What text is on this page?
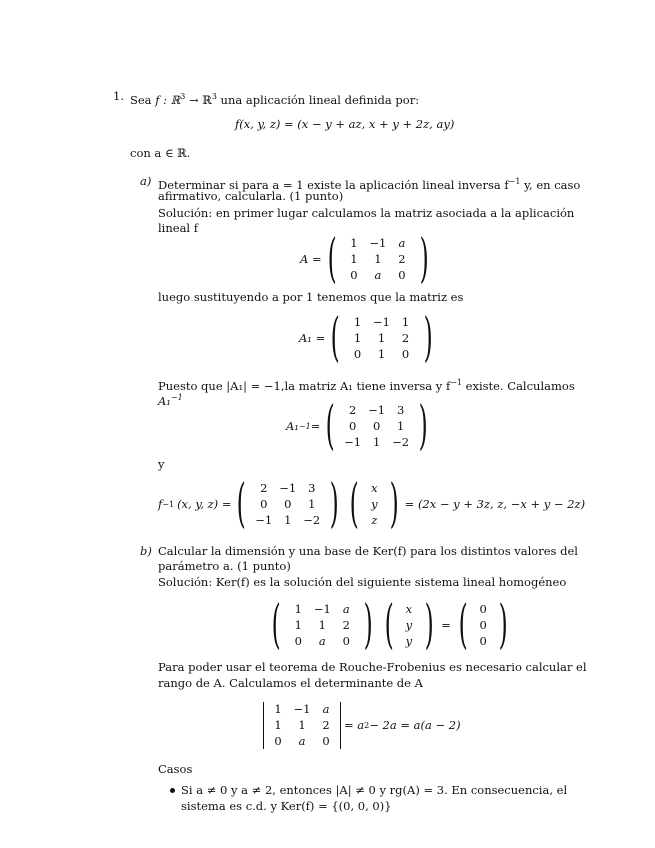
1. Sea f : ℝ$^3$ → ℝ$^3$ una aplicación lineal definida por:
f(x, y, z) = (x − y + az, x + y + 2z, ay)
con a ∈ ℝ.
a) Determinar si para a = 1 existe la aplicación lineal inversa $f^{-1}$ y, en caso
afirmativo, calcularla. (1 punto)
Solución: en primer lugar calculamos la matriz asociada a la aplicación
lineal f
A = (	1	−1	a
1	1	2
0	a	0 )
luego sustituyendo a por 1 tenemos que la matriz es
A₁ = (	1	−1	1
1	1	2
0	1	0 )
Puesto que |A₁| = −1,la matriz A₁ tiene inversa y $f^{-1}$ existe. Calculamos
A₁$^{-1}$
A₁ −1 = (	2	−1	3
0	0	1
−1	1	−2 )
y
f −1 (x, y, z) = (	2	−1	3
0	0	1
−1	1	−2 ) (	x
y
z ) = (2x − y + 3z, z, −x + y − 2z)
b) Calcular la dimensión y una base de Ker(f) para los distintos valores del
parámetro a. (1 punto)
Solución: Ker(f) es la solución del siguiente sistema lineal homogéneo
(	1	−1	a
1	1	2
0	a	0 ) (	x
y
y ) = (	0
0
0 )
Para poder usar el teorema de Rouche-Frobenius es necesario calcular el
rango de A. Calculamos el determinante de A
1	−1	a
1	1	2
0	a	0
= a 2 − 2a = a(a − 2)
Casos
Si a ≠ 0 y a ≠ 2, entonces |A| ≠ 0 y rg(A) = 3. En consecuencia, el
sistema es c.d. y Ker(f) = {(0, 0, 0)}
